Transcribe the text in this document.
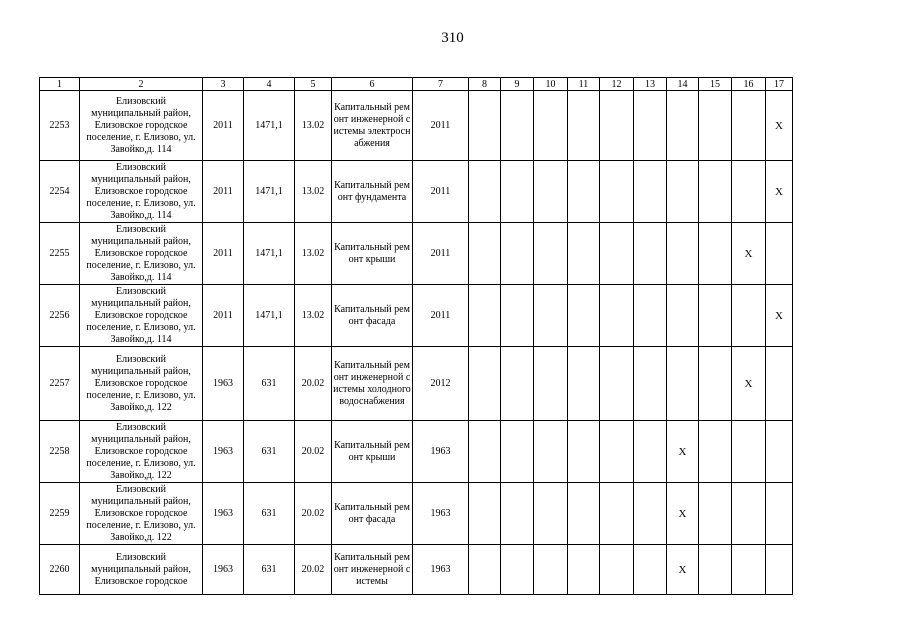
310
1	2	3	4	5	6	7	8	9	10	11	12	13	14	15	16	17
2253	Елизовский муниципальный район, Елизовское городское поселение, г. Елизово, ул. Завойко,д. 114	2011	1471,1	13.02	Капитальный ремонт инженерной системы электроснабжения	2011										X
2254	Елизовский муниципальный район, Елизовское городское поселение, г. Елизово, ул. Завойко,д. 114	2011	1471,1	13.02	Капитальный ремонт фундамента	2011										X
2255	Елизовский муниципальный район, Елизовское городское поселение, г. Елизово, ул. Завойко,д. 114	2011	1471,1	13.02	Капитальный ремонт крыши	2011									X	
2256	Елизовский муниципальный район, Елизовское городское поселение, г. Елизово, ул. Завойко,д. 114	2011	1471,1	13.02	Капитальный ремонт фасада	2011										X
2257	Елизовский муниципальный район, Елизовское городское поселение, г. Елизово, ул. Завойко,д. 122	1963	631	20.02	Капитальный ремонт инженерной системы холодного водоснабжения	2012									X	
2258	Елизовский муниципальный район, Елизовское городское поселение, г. Елизово, ул. Завойко,д. 122	1963	631	20.02	Капитальный ремонт крыши	1963							X			
2259	Елизовский муниципальный район, Елизовское городское поселение, г. Елизово, ул. Завойко,д. 122	1963	631	20.02	Капитальный ремонт фасада	1963							X			
2260	Елизовский муниципальный район, Елизовское городское	1963	631	20.02	Капитальный ремонт инженерной системы	1963							X			
